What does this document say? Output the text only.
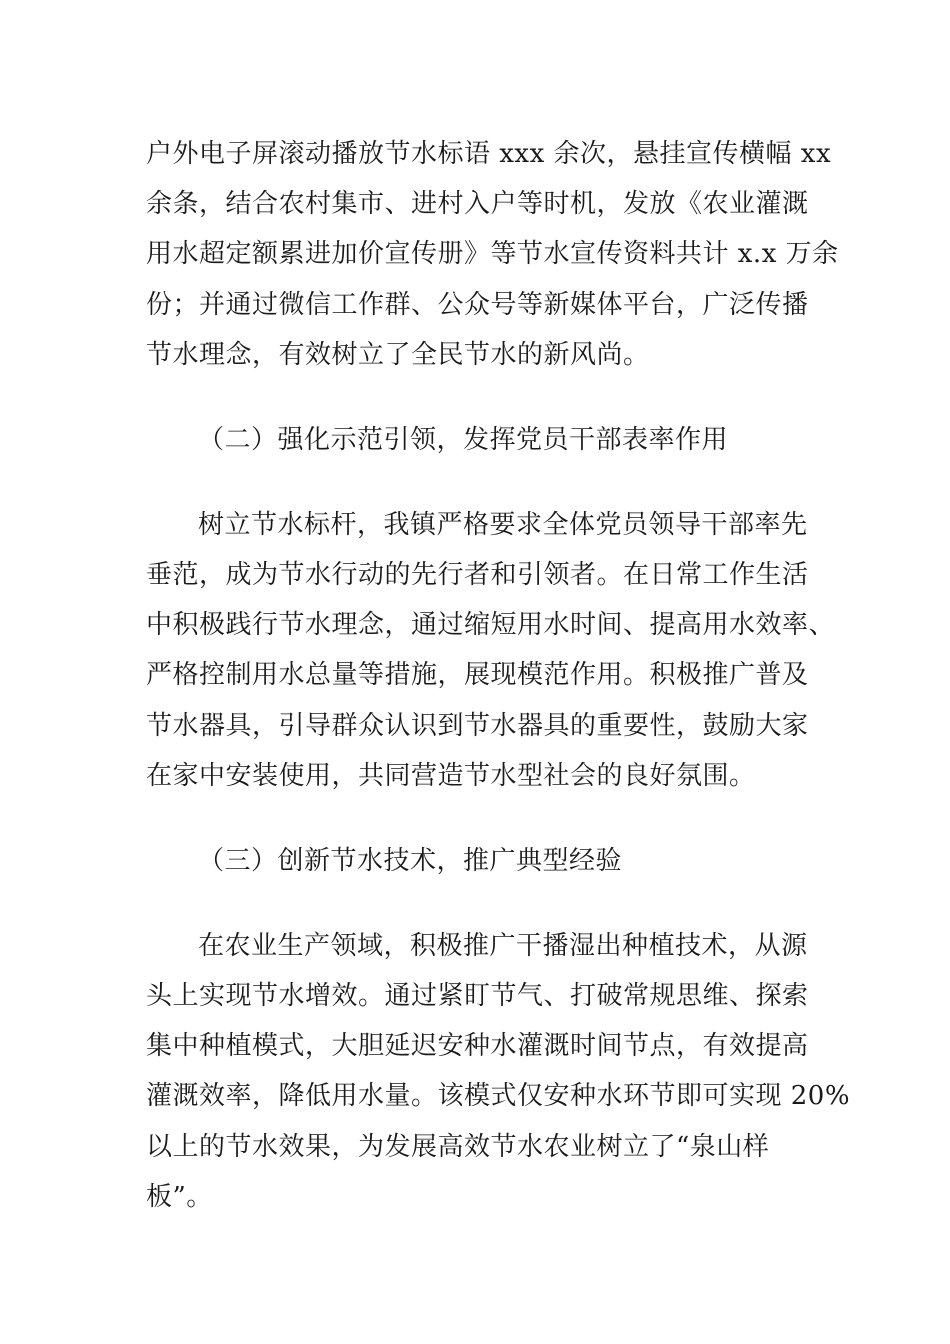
户外电子屏滚动播放节水标语 xxx 余次，悬挂宣传横幅 xx
余条，结合农村集市、进村入户等时机，发放《农业灌溉
用水超定额累进加价宣传册》等节水宣传资料共计 x.x 万余
份；并通过微信工作群、公众号等新媒体平台，广泛传播
节水理念，有效树立了全民节水的新风尚。
（二）强化示范引领，发挥党员干部表率作用
树立节水标杆，我镇严格要求全体党员领导干部率先
垂范，成为节水行动的先行者和引领者。在日常工作生活
中积极践行节水理念，通过缩短用水时间、提高用水效率、
严格控制用水总量等措施，展现模范作用。积极推广普及
节水器具，引导群众认识到节水器具的重要性，鼓励大家
在家中安装使用，共同营造节水型社会的良好氛围。
（三）创新节水技术，推广典型经验
在农业生产领域，积极推广干播湿出种植技术，从源
头上实现节水增效。通过紧盯节气、打破常规思维、探索
集中种植模式，大胆延迟安种水灌溉时间节点，有效提高
灌溉效率，降低用水量。该模式仅安种水环节即可实现 20%
以上的节水效果，为发展高效节水农业树立了“泉山样
板”。
